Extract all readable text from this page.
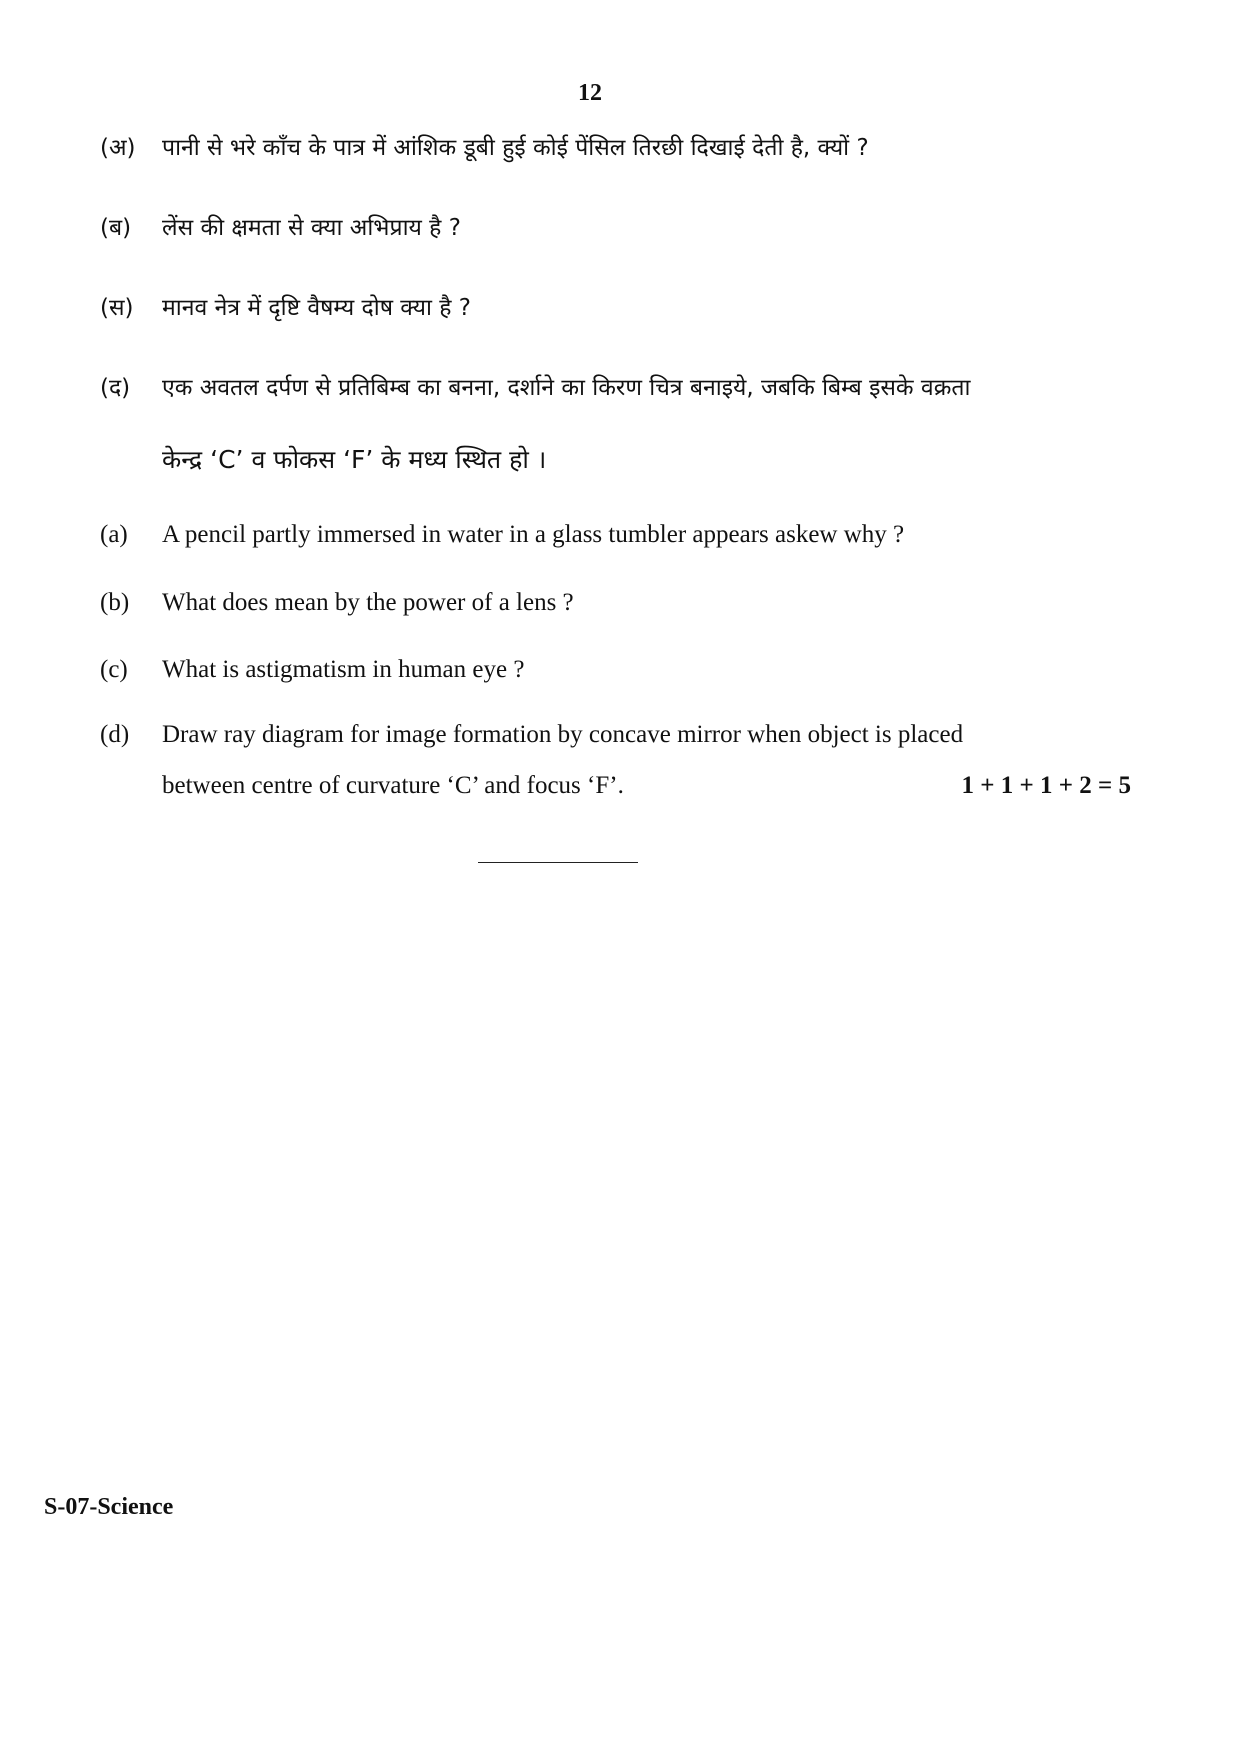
12
(अ) पानी से भरे काँच के पात्र में आंशिक डूबी हुई कोई पेंसिल तिरछी दिखाई देती है, क्यों ?
(ब) लेंस की क्षमता से क्या अभिप्राय है ?
(स) मानव नेत्र में दृष्टि वैषम्य दोष क्या है ?
(द) एक अवतल दर्पण से प्रतिबिम्ब का बनना, दर्शाने का किरण चित्र बनाइये, जबकि बिम्ब इसके वक्रता
केन्द्र ‘C’ व फोकस ‘F’ के मध्य स्थित हो ।
(a) A pencil partly immersed in water in a glass tumbler appears askew why ?
(b) What does mean by the power of a lens ?
(c) What is astigmatism in human eye ?
(d) Draw ray diagram for image formation by concave mirror when object is placed
between centre of curvature ‘C’ and focus ‘F’.	1 + 1 + 1 + 2 = 5
S-07-Science
